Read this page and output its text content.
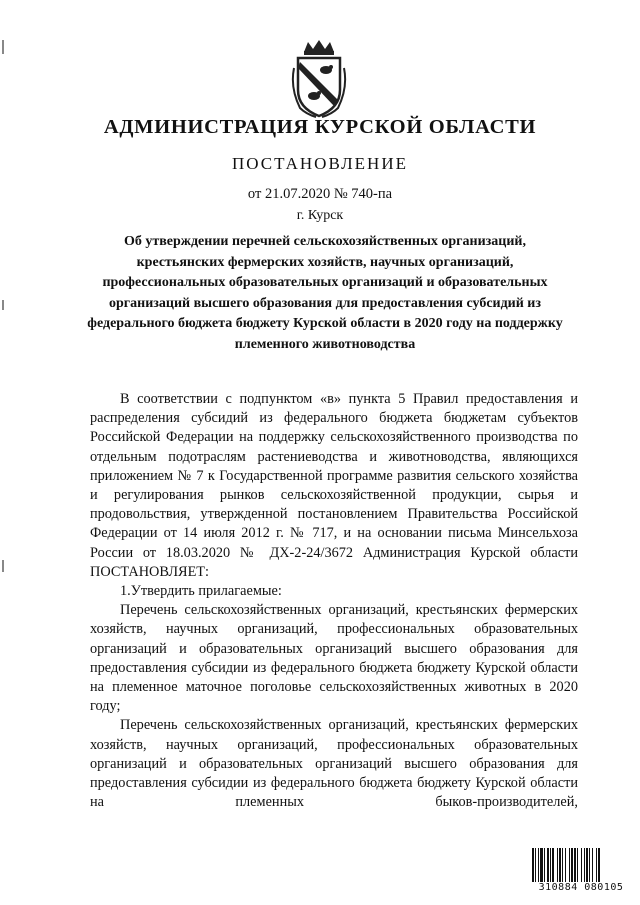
АДМИНИСТРАЦИЯ КУРСКОЙ ОБЛАСТИ
ПОСТАНОВЛЕНИЕ
от 21.07.2020 № 740-па
г. Курск
Об утверждении перечней сельскохозяйственных организаций, крестьянских фермерских хозяйств, научных организаций, профессиональных образовательных организаций и образовательных организаций высшего образования для предоставления субсидий из федерального бюджета бюджету Курской области в 2020 году на поддержку племенного животноводства

В соответствии с подпунктом «в» пункта 5 Правил предоставления и распределения субсидий из федерального бюджета бюджетам субъектов Российской Федерации на поддержку сельскохозяйственного производства по отдельным подотраслям растениеводства и животноводства, являющихся приложением № 7 к Государственной программе развития сельского хозяйства и регулирования рынков сельскохозяйственной продукции, сырья и продовольствия, утвержденной постановлением Правительства Российской Федерации от 14 июля 2012 г. № 717, и на основании письма Минсельхоза России от 18.03.2020 № ДХ-2-24/3672 Администрация Курской области ПОСТАНОВЛЯЕТ:

1.Утвердить прилагаемые:

Перечень сельскохозяйственных организаций, крестьянских фермерских хозяйств, научных организаций, профессиональных образовательных организаций и образовательных организаций высшего образования для предоставления субсидии из федерального бюджета бюджету Курской области на племенное маточное поголовье сельскохозяйственных животных в 2020 году;

Перечень сельскохозяйственных организаций, крестьянских фермерских хозяйств, научных организаций, профессиональных образовательных организаций и образовательных организаций высшего образования для предоставления субсидии из федерального бюджета бюджету Курской области на племенных быков-производителей,

310884 080105
